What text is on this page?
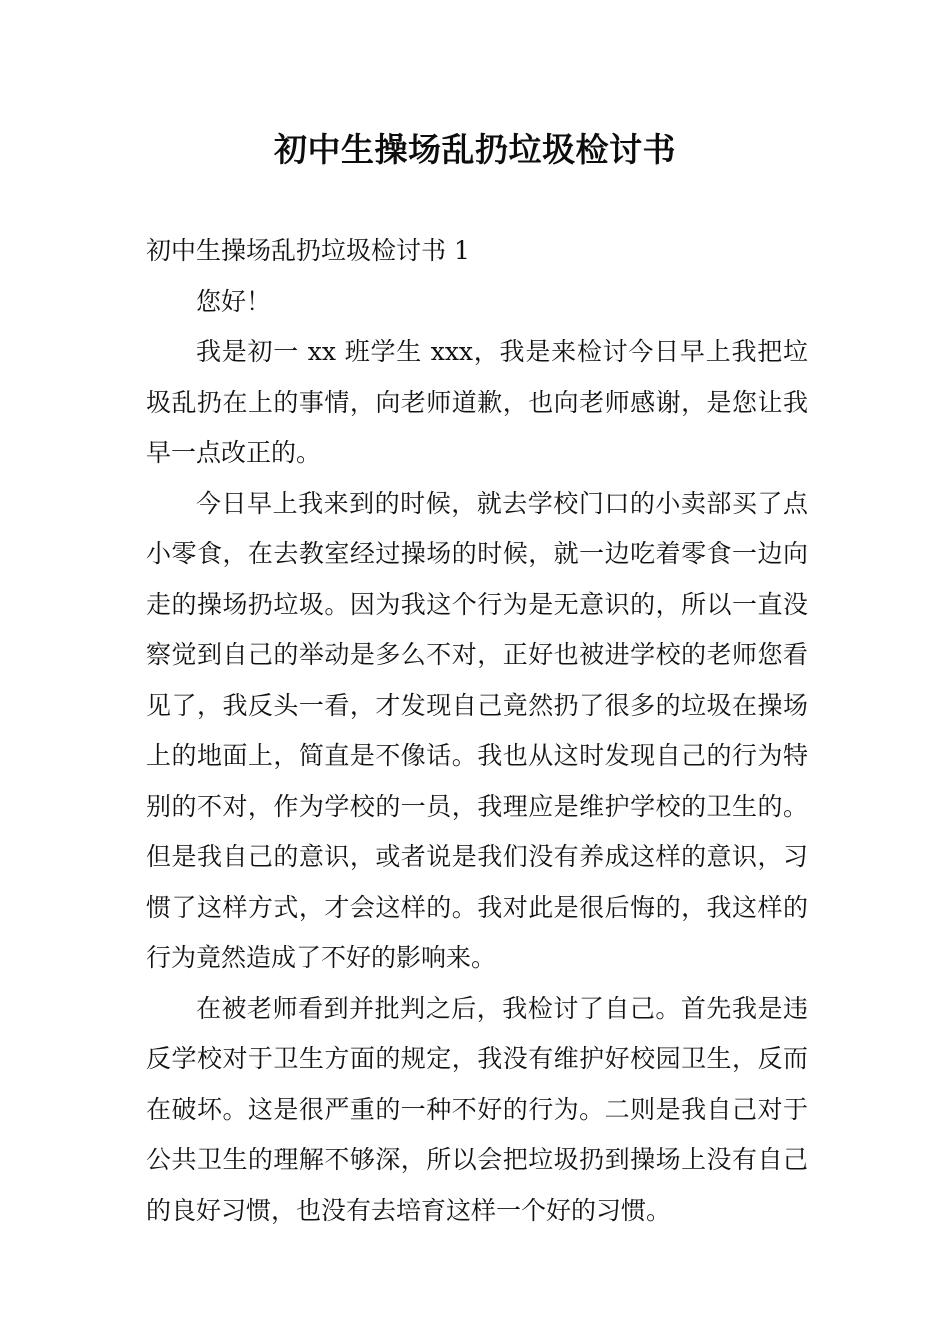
初中生操场乱扔垃圾检讨书

初中生操场乱扔垃圾检讨书 1

您好！

我是初一 xx 班学生 xxx，我是来检讨今日早上我把垃圾乱扔在上的事情，向老师道歉，也向老师感谢，是您让我早一点改正的。

今日早上我来到的时候，就去学校门口的小卖部买了点小零食，在去教室经过操场的时候，就一边吃着零食一边向走的操场扔垃圾。因为我这个行为是无意识的，所以一直没察觉到自己的举动是多么不对，正好也被进学校的老师您看见了，我反头一看，才发现自己竟然扔了很多的垃圾在操场上的地面上，简直是不像话。我也从这时发现自己的行为特别的不对，作为学校的一员，我理应是维护学校的卫生的。但是我自己的意识，或者说是我们没有养成这样的意识，习惯了这样方式，才会这样的。我对此是很后悔的，我这样的行为竟然造成了不好的影响来。

在被老师看到并批判之后，我检讨了自己。首先我是违反学校对于卫生方面的规定，我没有维护好校园卫生，反而在破坏。这是很严重的一种不好的行为。二则是我自己对于公共卫生的理解不够深，所以会把垃圾扔到操场上没有自己的良好习惯，也没有去培育这样一个好的习惯。
